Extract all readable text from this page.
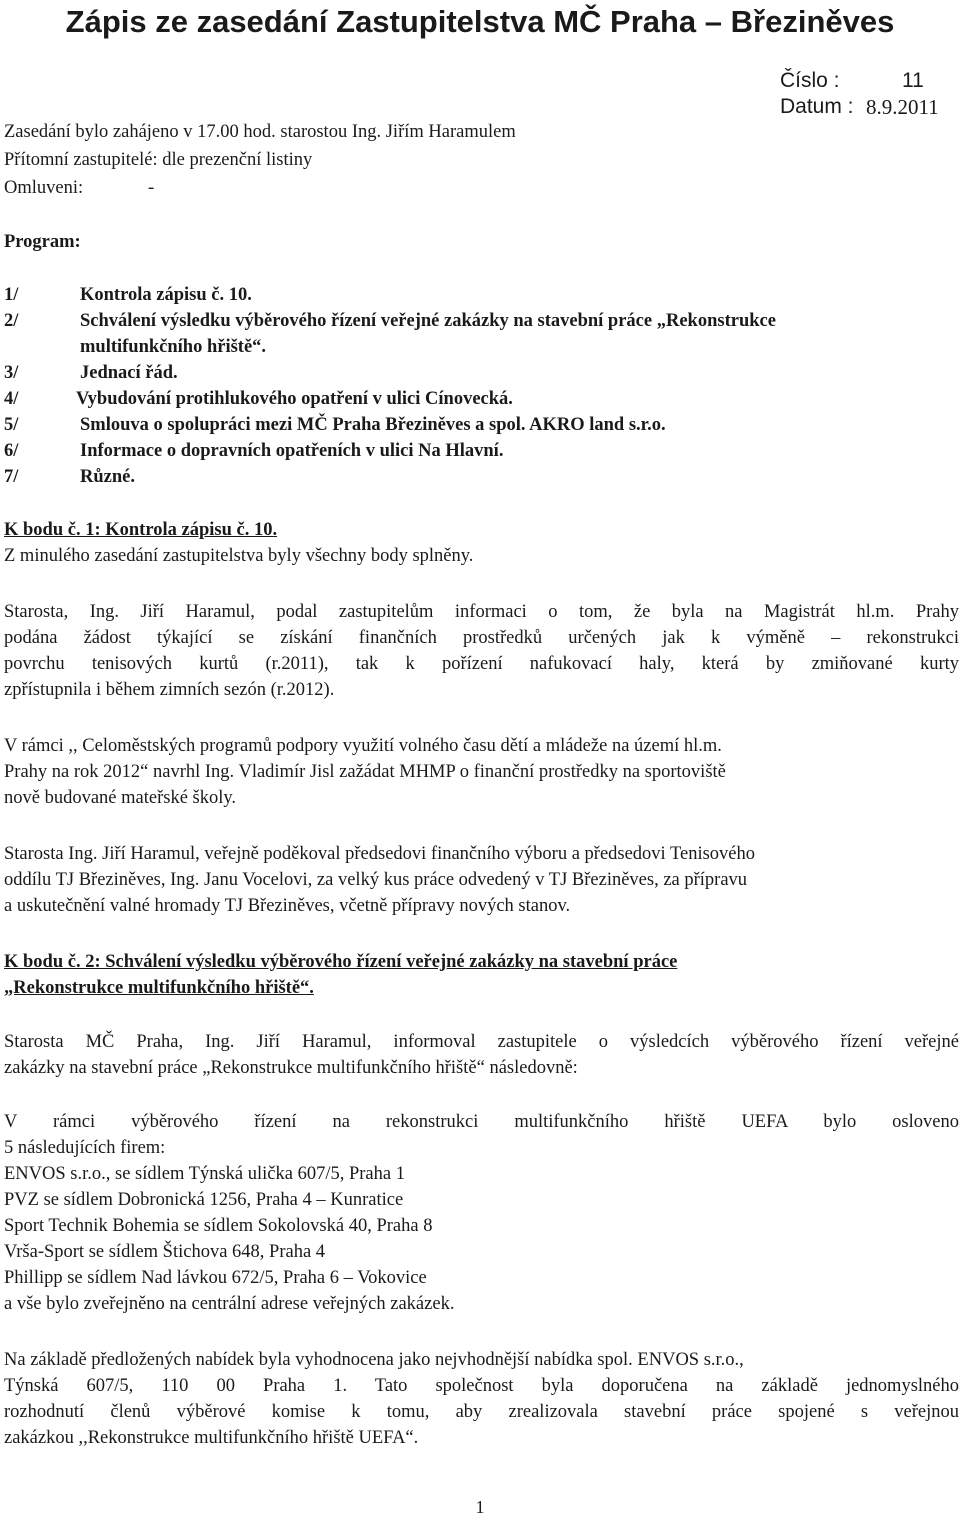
Zápis ze zasedání Zastupitelstva MČ Praha – Březiněves
Číslo :	11
Datum : 8.9.2011
Zasedání bylo zahájeno v 17.00 hod. starostou Ing. Jiřím Haramulem
Přítomní zastupitelé: dle prezenční listiny
Omluveni:	-
Program:
1/	Kontrola zápisu č. 10.
2/	Schválení výsledku výběrového řízení veřejné zakázky na stavební práce „Rekonstrukce
multifunkčního hřiště“.
3/	Jednací řád.
4/	Vybudování protihlukového opatření v ulici Cínovecká.
5/	Smlouva o spolupráci mezi MČ Praha Březiněves a spol. AKRO land s.r.o.
6/	Informace o dopravních opatřeních v ulici Na Hlavní.
7/	Různé.
K bodu č. 1: Kontrola zápisu č. 10.
Z minulého zasedání zastupitelstva byly všechny body splněny.
Starosta, Ing. Jiří Haramul, podal zastupitelům informaci o tom, že byla na Magistrát hl.m. Prahy
podána žádost týkající se získání finančních prostředků určených jak k výměně – rekonstrukci
povrchu tenisových kurtů (r.2011), tak k pořízení nafukovací haly, která by zmiňované kurty
zpřístupnila i během zimních sezón (r.2012).
V rámci ,, Celoměstských programů podpory využití volného času dětí a mládeže na území hl.m.
Prahy na rok 2012“ navrhl Ing. Vladimír Jisl zažádat MHMP o finanční prostředky na sportoviště
nově budované mateřské školy.
Starosta Ing. Jiří Haramul, veřejně poděkoval předsedovi finančního výboru a předsedovi Tenisového
oddílu TJ Březiněves, Ing. Janu Vocelovi, za velký kus práce odvedený v TJ Březiněves, za přípravu
a uskutečnění valné hromady TJ Březiněves, včetně přípravy nových stanov.
K bodu č. 2: Schválení výsledku výběrového řízení veřejné zakázky na stavební práce
„Rekonstrukce multifunkčního hřiště“.
Starosta MČ Praha, Ing. Jiří Haramul, informoval zastupitele o výsledcích výběrového řízení veřejné
zakázky na stavební práce „Rekonstrukce multifunkčního hřiště“ následovně:
V rámci výběrového řízení na rekonstrukci multifunkčního hřiště UEFA bylo osloveno
5 následujících firem:
ENVOS s.r.o., se sídlem Týnská ulička 607/5, Praha 1
PVZ se sídlem Dobronická 1256, Praha 4 – Kunratice
Sport Technik Bohemia se sídlem Sokolovská 40, Praha 8
Vrša-Sport se sídlem Štichova 648, Praha 4
Phillipp se sídlem Nad lávkou 672/5, Praha 6 – Vokovice
a vše bylo zveřejněno na centrální adrese veřejných zakázek.
Na základě předložených nabídek byla vyhodnocena jako nejvhodnější nabídka spol. ENVOS s.r.o.,
Týnská 607/5, 110 00 Praha 1. Tato společnost byla doporučena na základě jednomyslného
rozhodnutí členů výběrové komise k tomu, aby zrealizovala stavební práce spojené s veřejnou
zakázkou ,,Rekonstrukce multifunkčního hřiště UEFA“.
1
